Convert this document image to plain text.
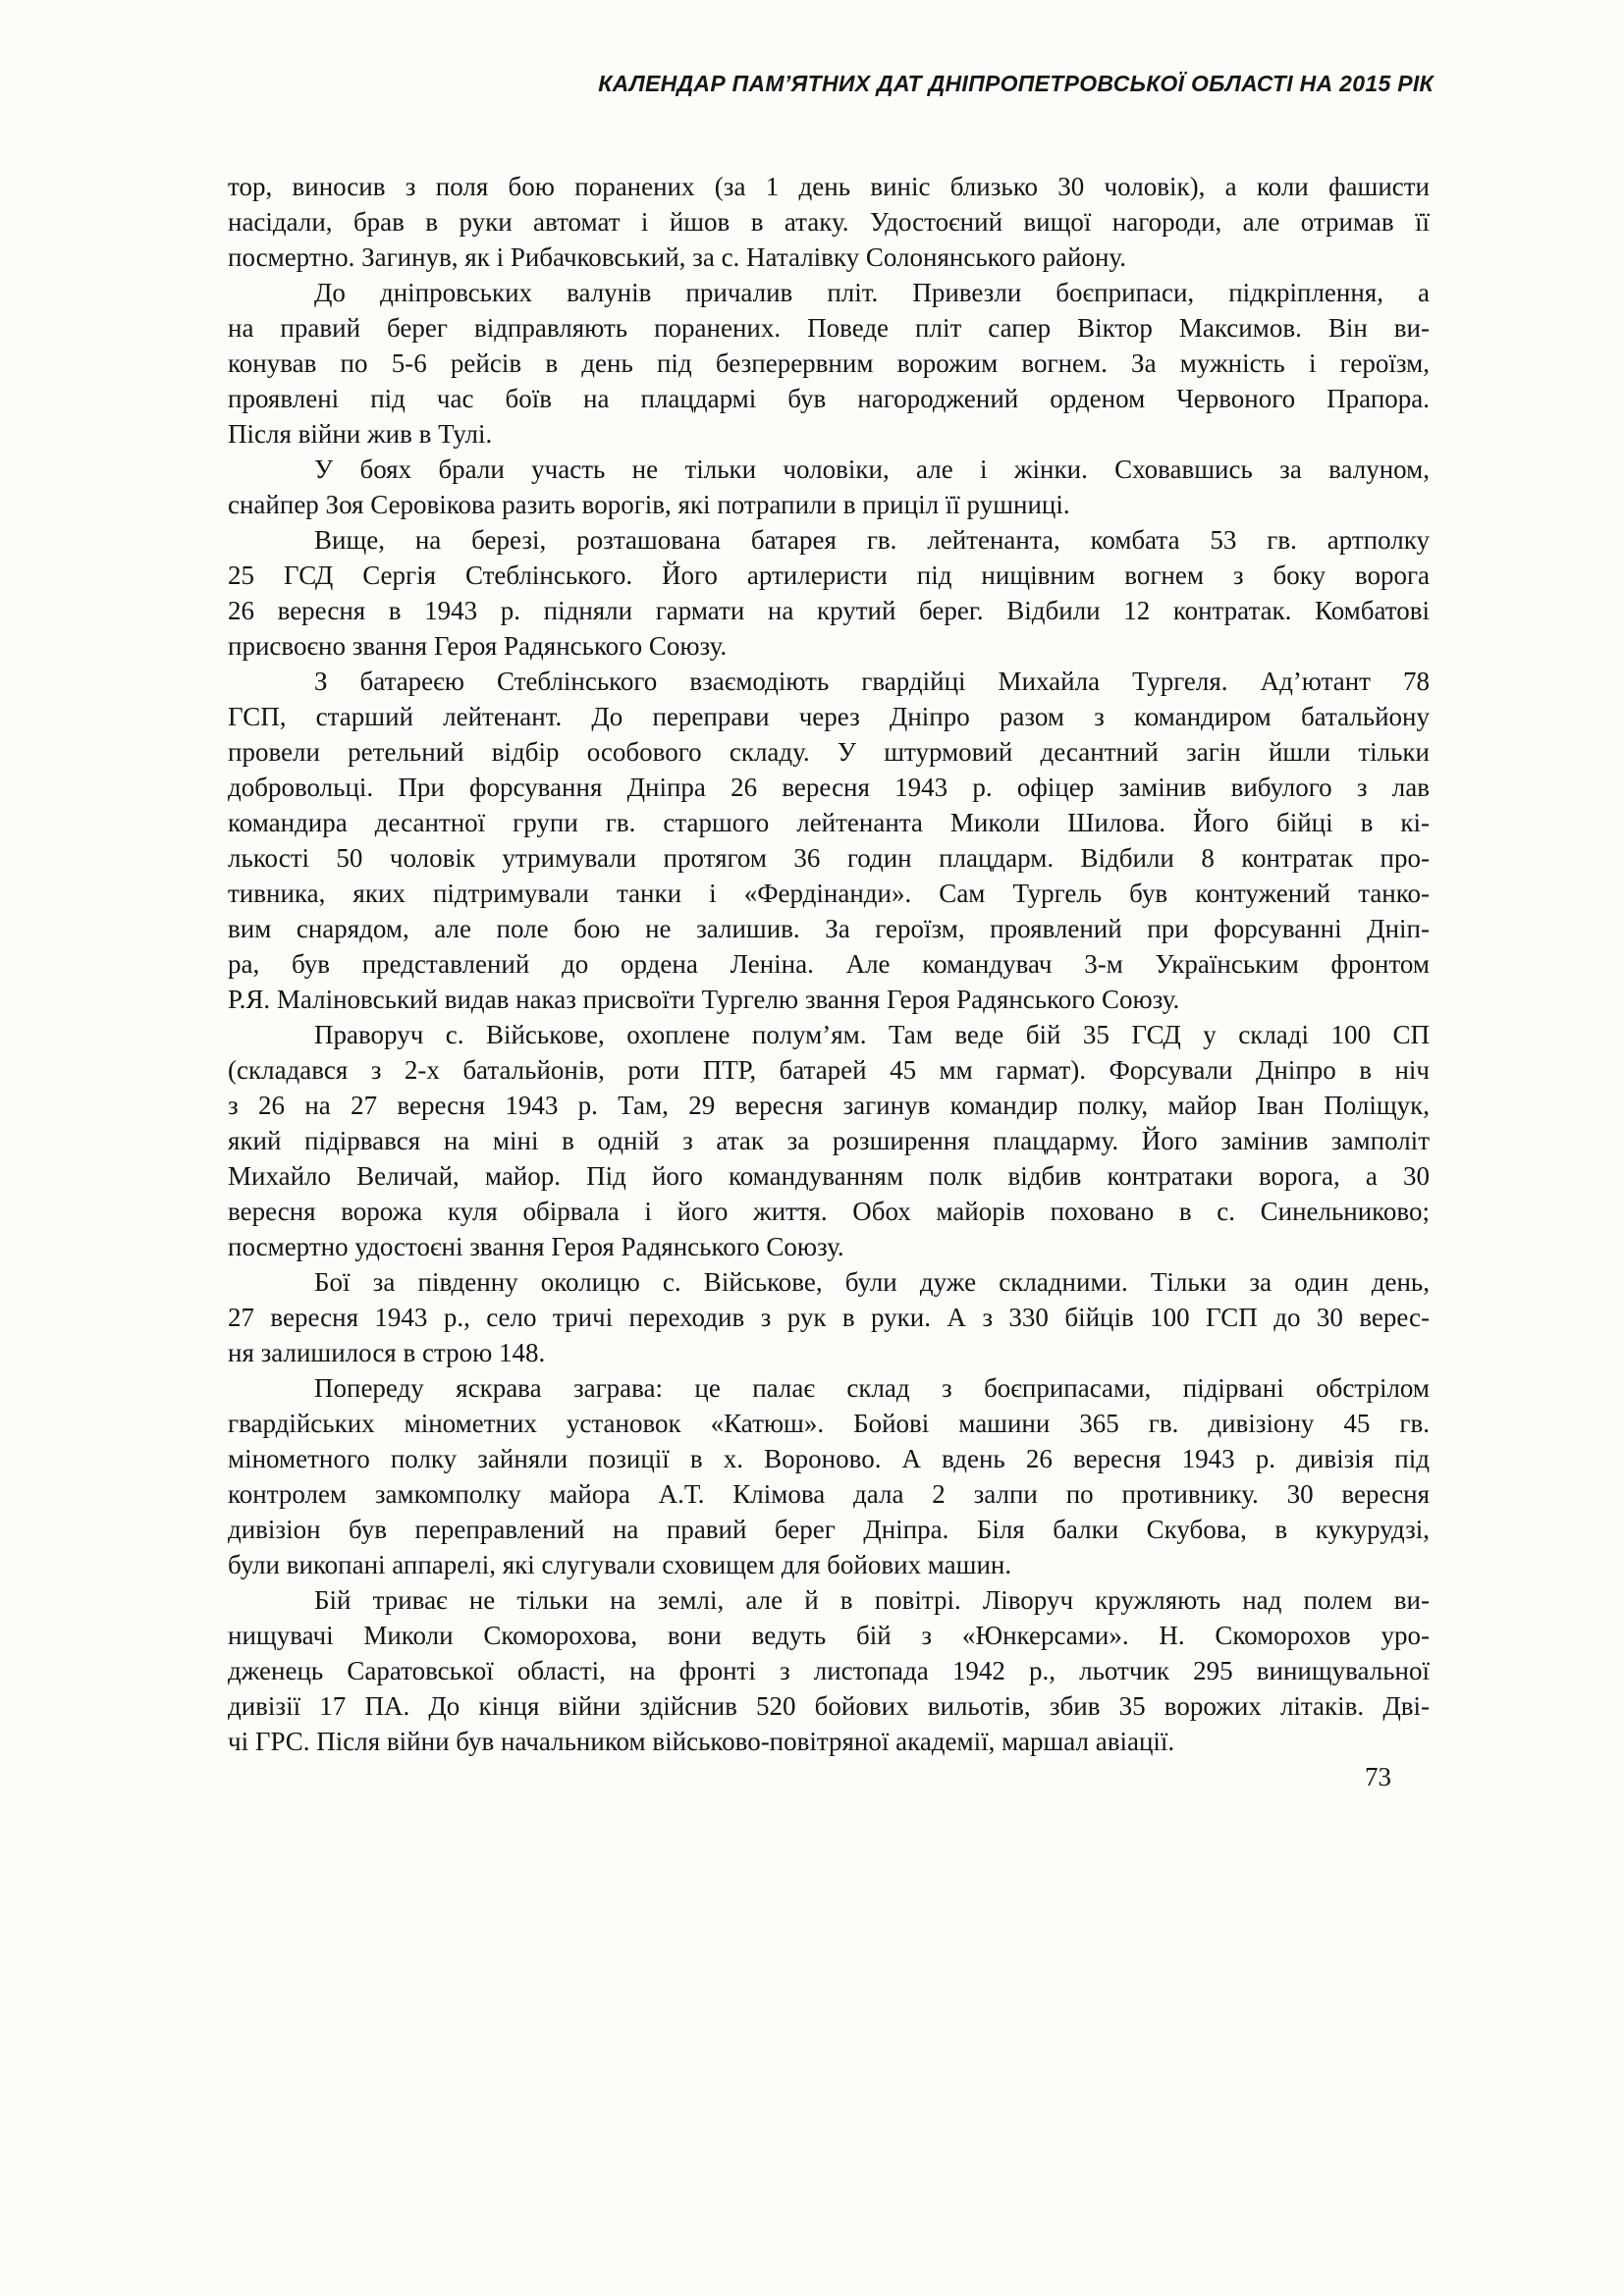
КАЛЕНДАР ПАМ’ЯТНИХ ДАТ ДНІПРОПЕТРОВСЬКОЇ ОБЛАСТІ НА 2015 РІК
тор, виносив з поля бою поранених (за 1 день виніс близько 30 чоловік), а коли фашисти
насідали, брав в руки автомат і йшов в атаку. Удостоєний вищої нагороди, але отримав її
посмертно. Загинув, як і Рибачковський, за с. Наталівку Солонянського району.
До дніпровських валунів причалив пліт. Привезли боєприпаси, підкріплення, а
на правий берег відправляють поранених. Поведе пліт сапер Віктор Максимов. Він ви-
конував по 5-6 рейсів в день під безперервним ворожим вогнем. За мужність і героїзм,
проявлені під час боїв на плацдармі був нагороджений орденом Червоного Прапора.
Після війни жив в Тулі.
У боях брали участь не тільки чоловіки, але і жінки. Сховавшись за валуном,
снайпер Зоя Серовікова разить ворогів, які потрапили в приціл її рушниці.
Вище, на березі, розташована батарея гв. лейтенанта, комбата 53 гв. артполку
25 ГСД Сергія Стеблінського. Його артилеристи під нищівним вогнем з боку ворога
26 вересня в 1943 р. підняли гармати на крутий берег. Відбили 12 контратак. Комбатові
присвоєно звання Героя Радянського Союзу.
З батареєю Стеблінського взаємодіють гвардійці Михайла Тургеля. Ад’ютант 78
ГСП, старший лейтенант. До переправи через Дніпро разом з командиром батальйону
провели ретельний відбір особового складу. У штурмовий десантний загін йшли тільки
добровольці. При форсування Дніпра 26 вересня 1943 р. офіцер замінив вибулого з лав
командира десантної групи гв. старшого лейтенанта Миколи Шилова. Його бійці в кі-
лькості 50 чоловік утримували протягом 36 годин плацдарм. Відбили 8 контратак про-
тивника, яких підтримували танки і «Фердінанди». Сам Тургель був контужений танко-
вим снарядом, але поле бою не залишив. За героїзм, проявлений при форсуванні Дніп-
ра, був представлений до ордена Леніна. Але командувач 3-м Українським фронтом
Р.Я. Маліновський видав наказ присвоїти Тургелю звання Героя Радянського Союзу.
Праворуч с. Військове, охоплене полум’ям. Там веде бій 35 ГСД у складі 100 СП
(складався з 2-х батальйонів, роти ПТР, батарей 45 мм гармат). Форсували Дніпро в ніч
з 26 на 27 вересня 1943 р. Там, 29 вересня загинув командир полку, майор Іван Поліщук,
який підірвався на міні в одній з атак за розширення плацдарму. Його замінив замполіт
Михайло Величай, майор. Під його командуванням полк відбив контратаки ворога, а 30
вересня ворожа куля обірвала і його життя. Обох майорів поховано в с. Синельниково;
посмертно удостоєні звання Героя Радянського Союзу.
Бої за південну околицю с. Військове, були дуже складними. Тільки за один день,
27 вересня 1943 р., село тричі переходив з рук в руки. А з 330 бійців 100 ГСП до 30 верес-
ня залишилося в строю 148.
Попереду яскрава заграва: це палає склад з боєприпасами, підірвані обстрілом
гвардійських мінометних установок «Катюш». Бойові машини 365 гв. дивізіону 45 гв.
мінометного полку зайняли позиції в х. Вороново. А вдень 26 вересня 1943 р. дивізія під
контролем замкомполку майора А.Т. Клімова дала 2 залпи по противнику. 30 вересня
дивізіон був переправлений на правий берег Дніпра. Біля балки Скубова, в кукурудзі,
були викопані аппарелі, які слугували сховищем для бойових машин.
Бій триває не тільки на землі, але й в повітрі. Ліворуч кружляють над полем ви-
нищувачі Миколи Скоморохова, вони ведуть бій з «Юнкерсами». Н. Скоморохов уро-
дженець Саратовської області, на фронті з листопада 1942 р., льотчик 295 винищувальної
дивізії 17 ПА. До кінця війни здійснив 520 бойових вильотів, збив 35 ворожих літаків. Дві-
чі ГРС. Після війни був начальником військово-повітряної академії, маршал авіації.
73
